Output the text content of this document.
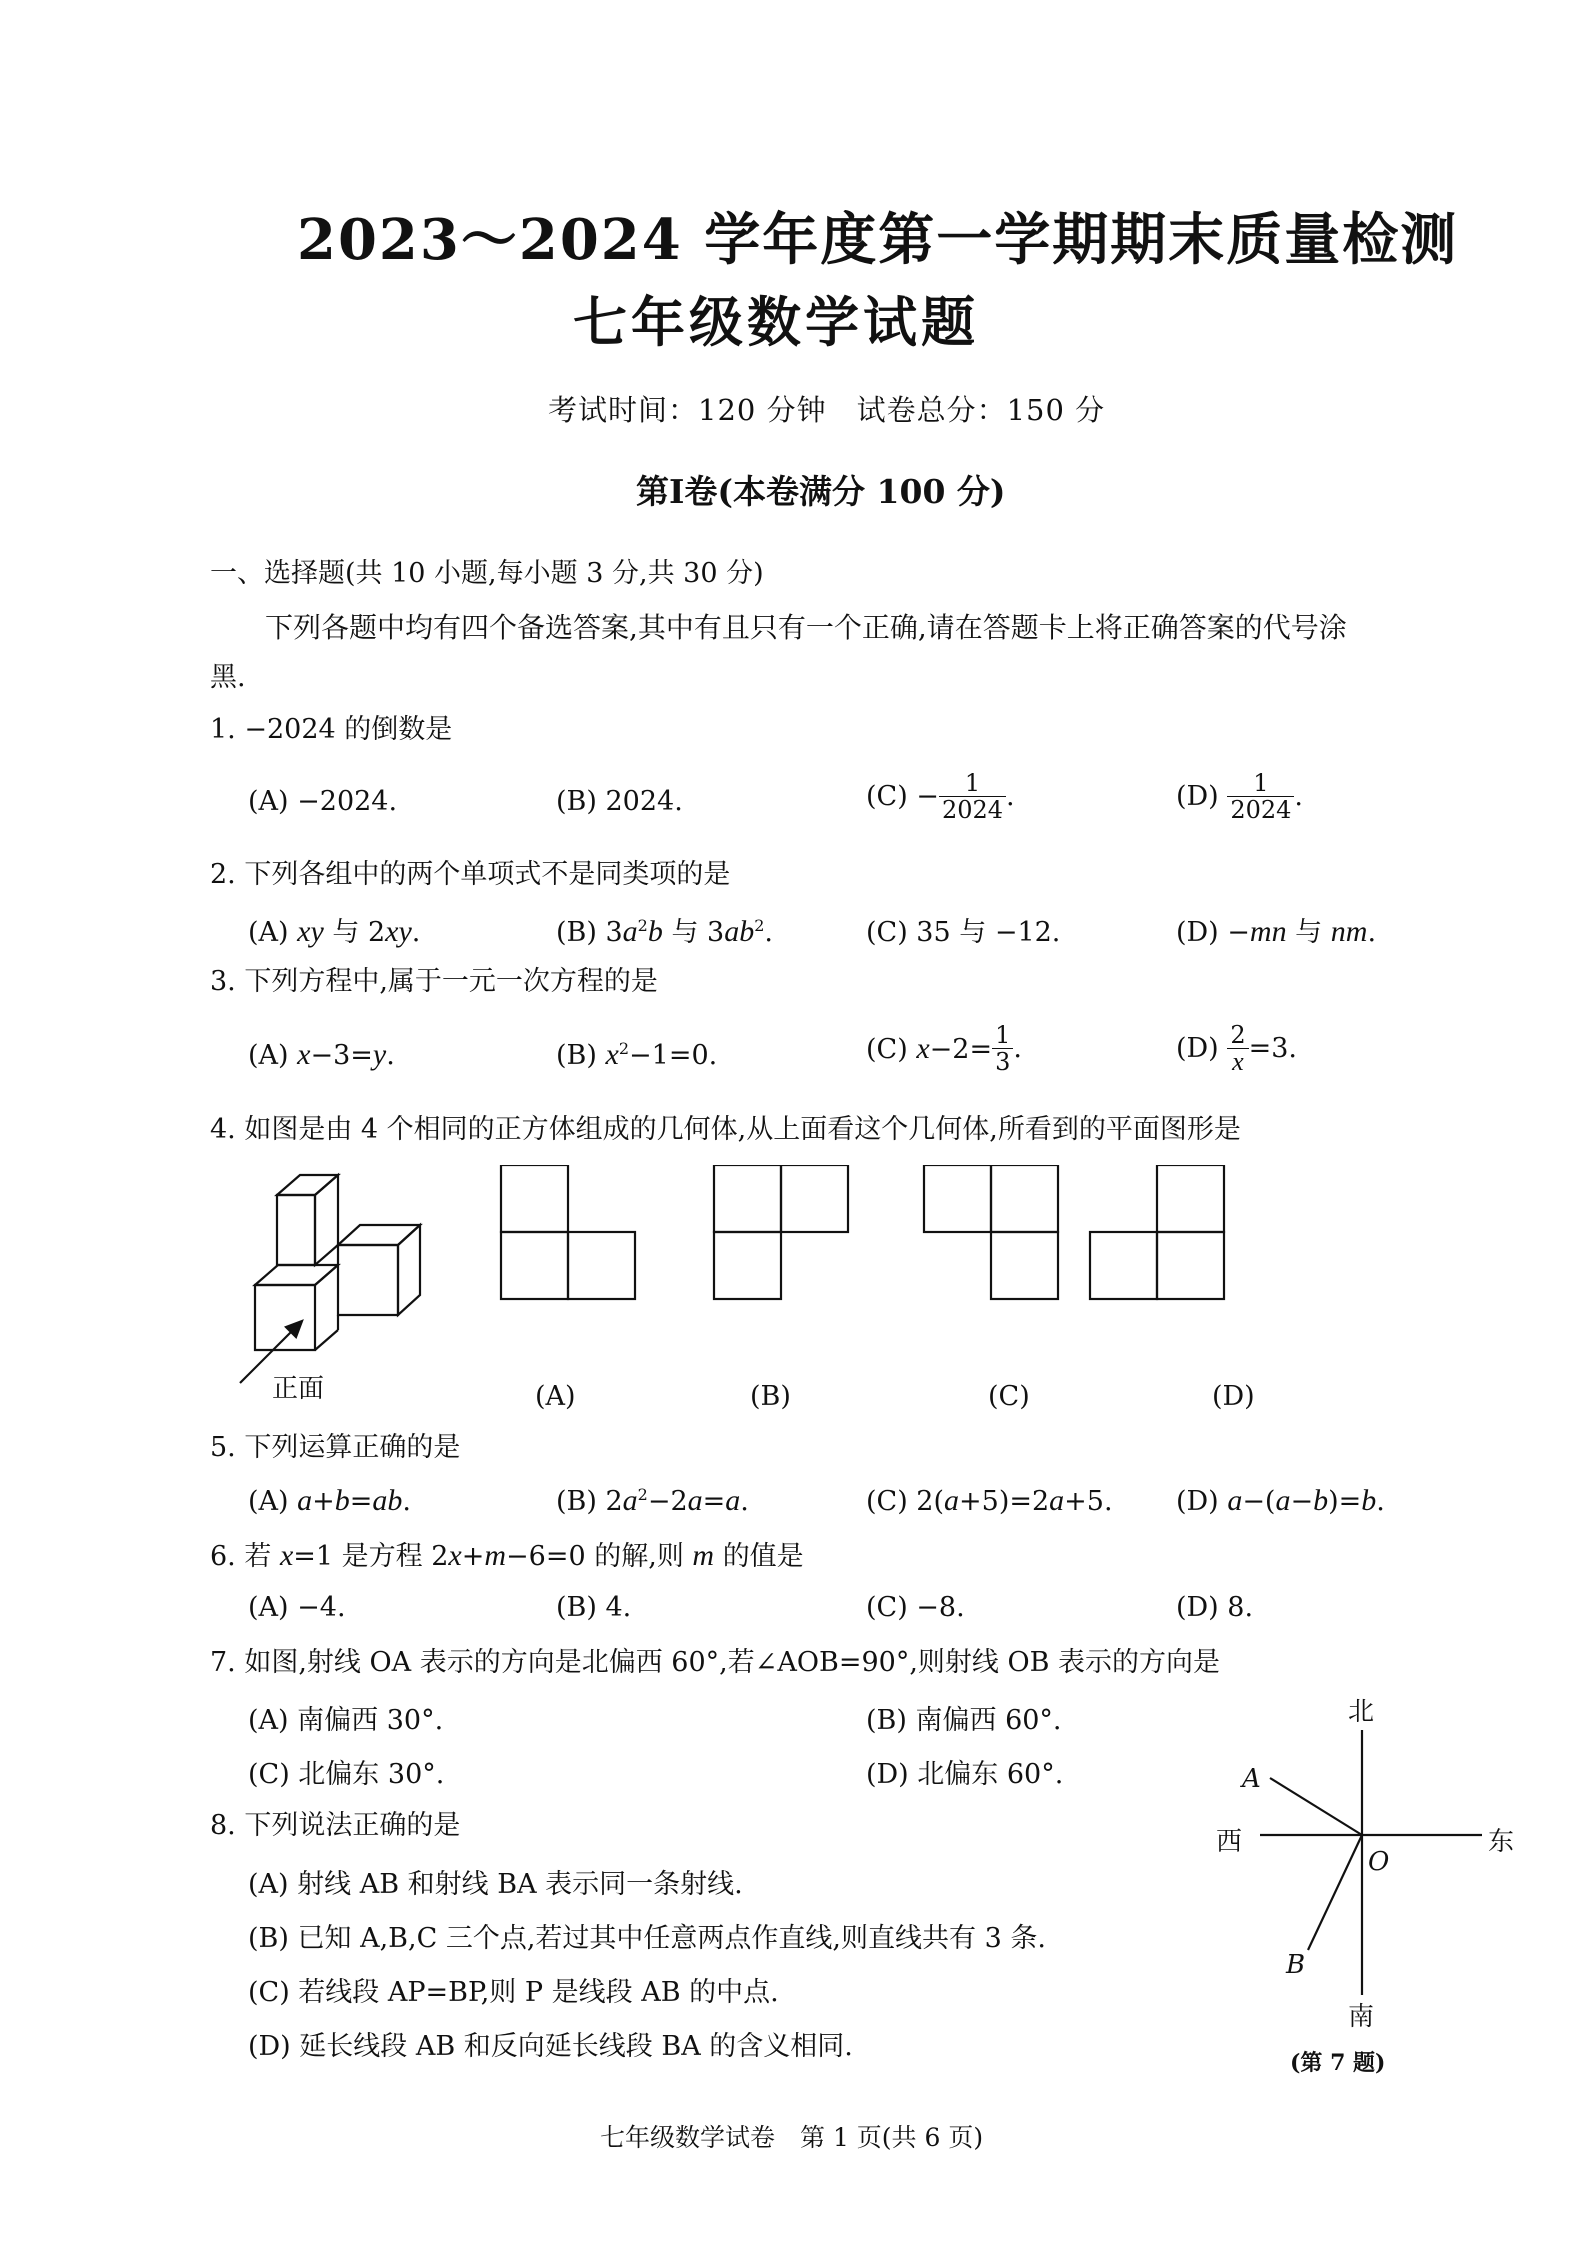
2023～2024 学年度第一学期期末质量检测
七年级数学试题
考试时间：120 分钟　试卷总分：150 分
第Ⅰ卷(本卷满分 100 分)
一、选择题(共 10 小题,每小题 3 分,共 30 分)
下列各题中均有四个备选答案,其中有且只有一个正确,请在答题卡上将正确答案的代号涂
黑.
1. −2024 的倒数是
(A) −2024.	(B) 2024.	$(C) - \frac{1}{2024}$ .	$(D) \frac{1}{2024}$ .
2. 下列各组中的两个单项式不是同类项的是
(A) xy 与 2xy.	(B) $3a^2b$ 与 $3ab^2$.	(C) 35 与 −12.	(D) −mn 与 nm.
3. 下列方程中,属于一元一次方程的是
(A) x−3=y.	(B) $x^2-1=0$.	(C) $x-2= \frac{1}{3}$ .	$(D) \frac{2}{x} =3$.
4. 如图是由 4 个相同的正方体组成的几何体,从上面看这个几何体,所看到的平面图形是
正面	(A)	(B)	(C)	(D)
5. 下列运算正确的是
(A) a+b=ab.	(B) $2a^2-2a=a$.	(C) 2(a+5)=2a+5. (D) a−(a−b)=b.
6. 若 x=1 是方程 2x+m−6=0 的解,则 m 的值是
(A) −4.	(B) 4.	(C) −8.	(D) 8.
7. 如图,射线 OA 表示的方向是北偏西 60°,若∠AOB=90°,则射线 OB 表示的方向是
(A) 南偏西 30°.	(B) 南偏西 60°.
(C) 北偏东 30°.	(D) 北偏东 60°.
北
南
东
西
A
B
O
(第 7 题)
8. 下列说法正确的是
(A) 射线 AB 和射线 BA 表示同一条射线.
(B) 已知 A,B,C 三个点,若过其中任意两点作直线,则直线共有 3 条.
(C) 若线段 AP=BP,则 P 是线段 AB 的中点.
(D) 延长线段 AB 和反向延长线段 BA 的含义相同.
七年级数学试卷　第 1 页(共 6 页)
